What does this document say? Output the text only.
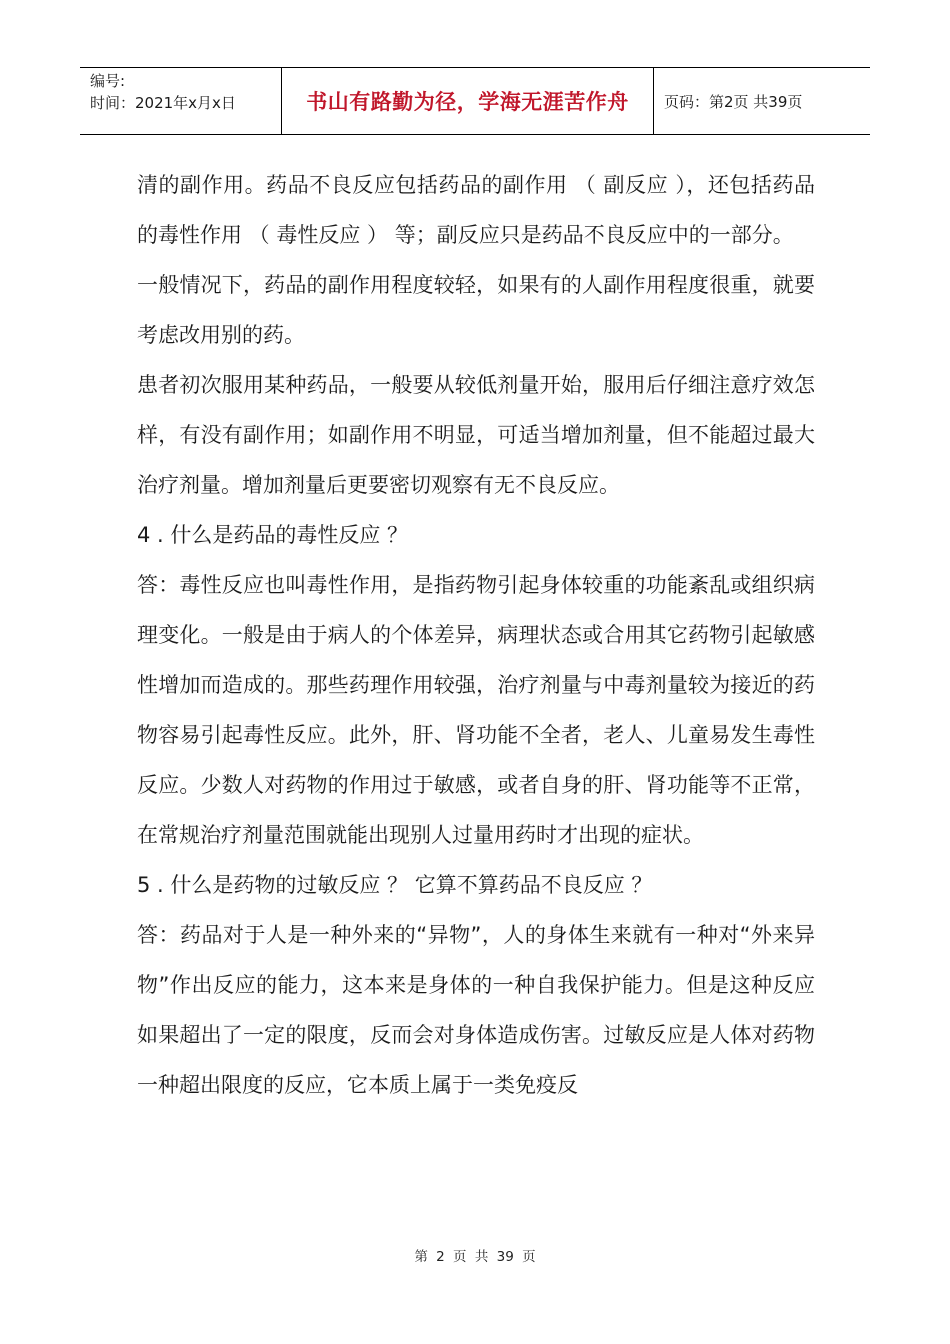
编号:
时间：2021年x月x日	书山有路勤为径，学海无涯苦作舟 页码：第2页 共39页

清的副作用。药品不良反应包括药品的副作用 （ 副反应 ），还包括药品的毒性作用 （ 毒性反应 ） 等；副反应只是药品不良反应中的一部分。

一般情况下，药品的副作用程度较轻，如果有的人副作用程度很重，就要考虑改用别的药。

患者初次服用某种药品，一般要从较低剂量开始，服用后仔细注意疗效怎样，有没有副作用；如副作用不明显，可适当增加剂量，但不能超过最大治疗剂量。增加剂量后更要密切观察有无不良反应。

4 . 什么是药品的毒性反应 ？

答：毒性反应也叫毒性作用，是指药物引起身体较重的功能紊乱或组织病理变化。一般是由于病人的个体差异，病理状态或合用其它药物引起敏感性增加而造成的。那些药理作用较强，治疗剂量与中毒剂量较为接近的药物容易引起毒性反应。此外，肝、肾功能不全者，老人、儿童易发生毒性反应。少数人对药物的作用过于敏感，或者自身的肝、肾功能等不正常，在常规治疗剂量范围就能出现别人过量用药时才出现的症状。

5 . 什么是药物的过敏反应 ？ 它算不算药品不良反应 ？

答：药品对于人是一种外来的“异物”，人的身体生来就有一种对“外来异物”作出反应的能力，这本来是身体的一种自我保护能力。但是这种反应如果超出了一定的限度，反而会对身体造成伤害。过敏反应是人体对药物一种超出限度的反应，它本质上属于一类免疫反

第 2 页 共 39 页
